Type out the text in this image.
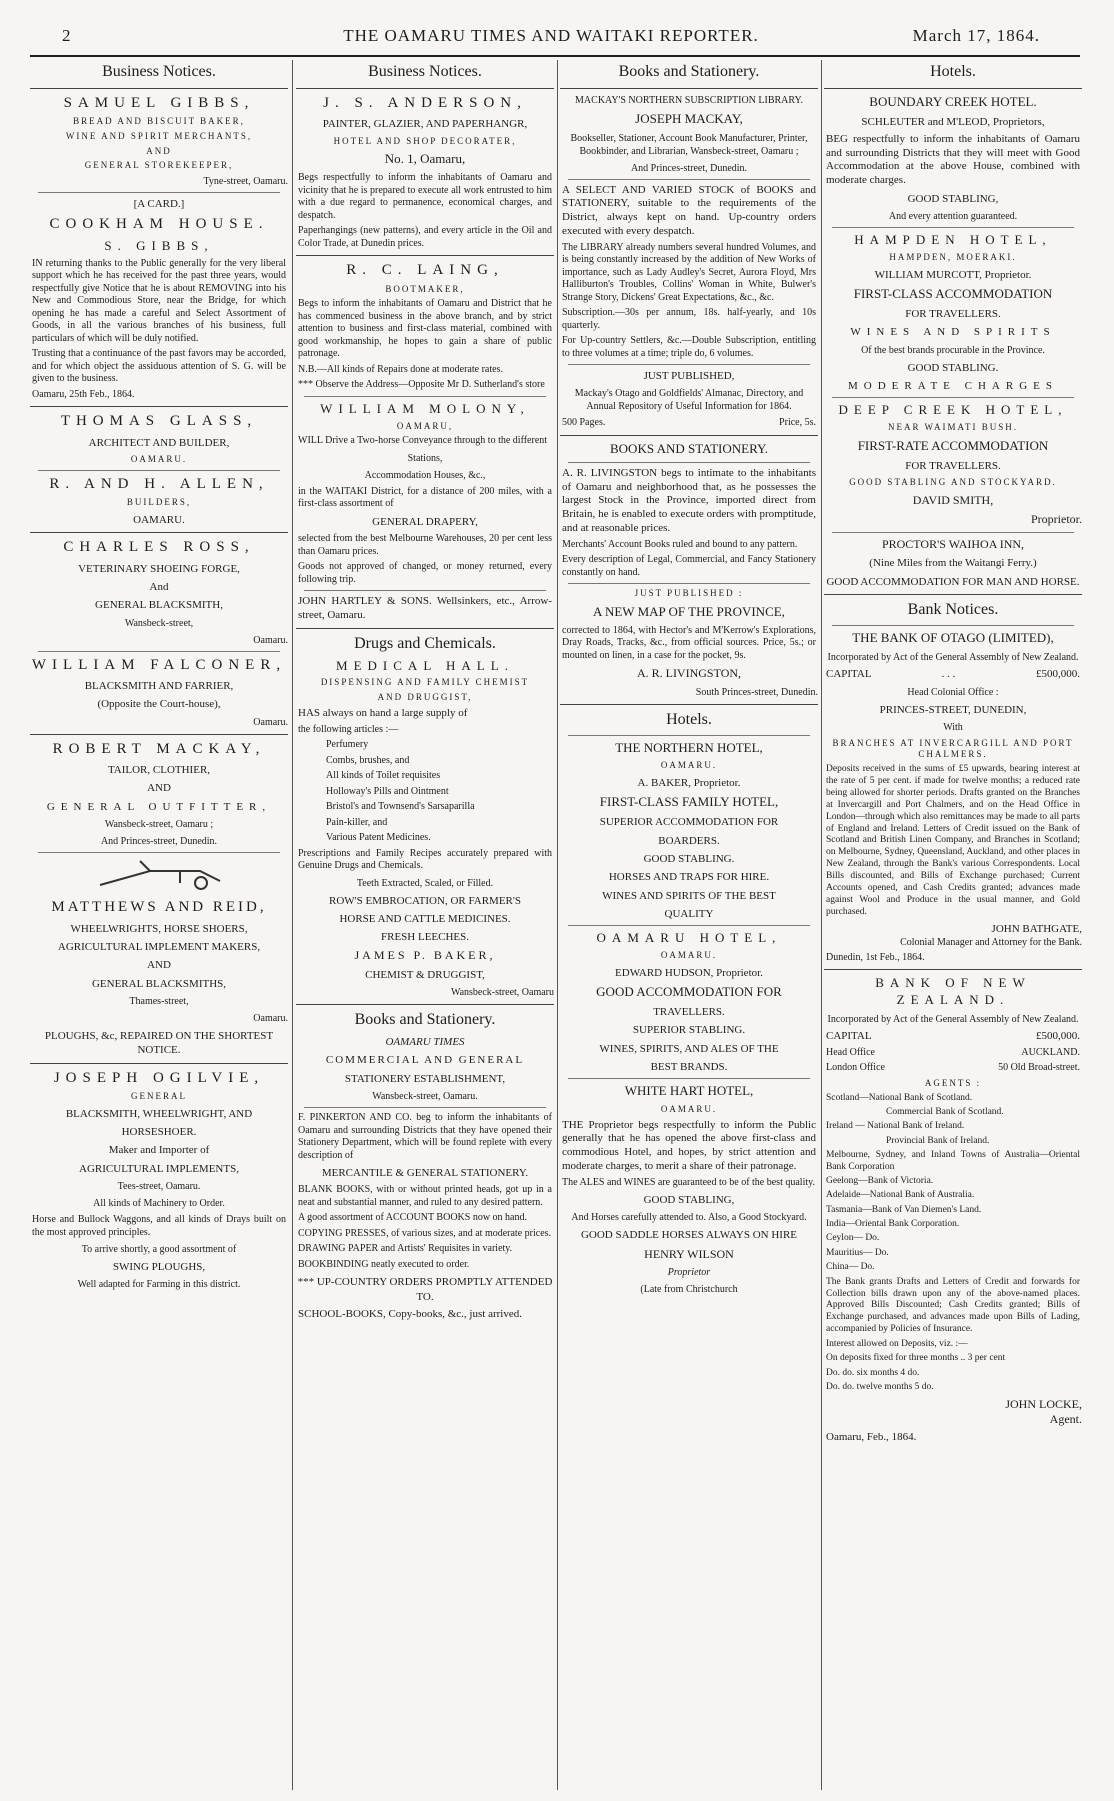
2	THE OAMARU TIMES AND WAITAKI REPORTER.	March 17, 1864.
Business Notices.
SAMUEL GIBBS,
BREAD AND BISCUIT BAKER,
WINE AND SPIRIT MERCHANTS,
AND
GENERAL STOREKEEPER,
Tyne-street, Oamaru.
[A CARD.]
COOKHAM HOUSE.
S. GIBBS,
IN returning thanks to the Public generally for the very liberal support which he has received for the past three years, would respectfully give Notice that he is about REMOVING into his New and Commodious Store, near the Bridge, for which opening he has made a careful and Select Assortment of Goods, in all the various branches of his business, full particulars of which will be duly notified.
Trusting that a continuance of the past favors may be accorded, and for which object the assiduous attention of S. G. will be given to the business.
Oamaru, 25th Feb., 1864.
THOMAS GLASS,
ARCHITECT AND BUILDER,
OAMARU.
R. AND H. ALLEN,
BUILDERS,
OAMARU.
CHARLES ROSS,
VETERINARY SHOEING FORGE,
And
GENERAL BLACKSMITH,
Wansbeck-street,
Oamaru.
WILLIAM FALCONER,
BLACKSMITH AND FARRIER,
(Opposite the Court-house),
Oamaru.
ROBERT MACKAY,
TAILOR, CLOTHIER,
AND
GENERAL OUTFITTER,
Wansbeck-street, Oamaru ;
And Princes-street, Dunedin.
MATTHEWS AND REID,
WHEELWRIGHTS, HORSE SHOERS,
AGRICULTURAL IMPLEMENT MAKERS,
AND
GENERAL BLACKSMITHS,
Thames-street,
Oamaru.
PLOUGHS, &c, REPAIRED ON THE SHORTEST NOTICE.
JOSEPH OGILVIE,
GENERAL
BLACKSMITH, WHEELWRIGHT, AND
HORSESHOER.
Maker and Importer of
AGRICULTURAL IMPLEMENTS,
Tees-street, Oamaru.
All kinds of Machinery to Order.
Horse and Bullock Waggons, and all kinds of Drays built on the most approved principles.
To arrive shortly, a good assortment of
SWING PLOUGHS,
Well adapted for Farming in this district.
Business Notices.
J. S. ANDERSON,
PAINTER, GLAZIER, AND PAPERHANGR,
HOTEL AND SHOP DECORATER,
No. 1, Oamaru,
Begs respectfully to inform the inhabitants of Oamaru and vicinity that he is prepared to execute all work entrusted to him with a due regard to permanence, economical charges, and despatch.
Paperhangings (new patterns), and every article in the Oil and Color Trade, at Dunedin prices.
R. C. LAING,
BOOTMAKER,
Begs to inform the inhabitants of Oamaru and District that he has commenced business in the above branch, and by strict attention to business and first-class material, combined with good workmanship, he hopes to gain a share of public patronage.
N.B.—All kinds of Repairs done at moderate rates.
*** Observe the Address—Opposite Mr D. Sutherland's store
WILLIAM MOLONY,
OAMARU,
WILL Drive a Two-horse Conveyance through to the different
Stations,
Accommodation Houses, &c.,
in the WAITAKI District, for a distance of 200 miles, with a first-class assortment of
GENERAL DRAPERY,
selected from the best Melbourne Warehouses, 20 per cent less than Oamaru prices.
Goods not approved of changed, or money returned, every following trip.
JOHN HARTLEY & SONS. Wellsinkers, etc., Arrow-street, Oamaru.
Drugs and Chemicals.
MEDICAL HALL.
DISPENSING AND FAMILY CHEMIST
AND DRUGGIST,
HAS always on hand a large supply of
the following articles :—
Perfumery
Combs, brushes, and
All kinds of Toilet requisites
Holloway's Pills and Ointment
Bristol's and Townsend's Sarsaparilla
Pain-killer, and
Various Patent Medicines.
Prescriptions and Family Recipes accurately prepared with Genuine Drugs and Chemicals.
Teeth Extracted, Scaled, or Filled.
ROW'S EMBROCATION, OR FARMER'S
HORSE AND CATTLE MEDICINES.
FRESH LEECHES.
JAMES P. BAKER,
CHEMIST & DRUGGIST,
Wansbeck-street, Oamaru
Books and Stationery.
OAMARU TIMES
COMMERCIAL AND GENERAL
STATIONERY ESTABLISHMENT,
Wansbeck-street, Oamaru.
F. PINKERTON AND CO. beg to inform the inhabitants of Oamaru and surrounding Districts that they have opened their Stationery Department, which will be found replete with every description of
MERCANTILE & GENERAL STATIONERY.
BLANK BOOKS, with or without printed heads, got up in a neat and substantial manner, and ruled to any desired pattern.
A good assortment of ACCOUNT BOOKS now on hand.
COPYING PRESSES, of various sizes, and at moderate prices.
DRAWING PAPER and Artists' Requisites in variety.
BOOKBINDING neatly executed to order.
*** UP-COUNTRY ORDERS PROMPTLY ATTENDED TO.
SCHOOL-BOOKS, Copy-books, &c., just arrived.
Books and Stationery.
MACKAY'S NORTHERN SUBSCRIPTION LIBRARY.
JOSEPH MACKAY,
Bookseller, Stationer, Account Book Manufacturer, Printer, Bookbinder, and Librarian, Wansbeck-street, Oamaru ;
And Princes-street, Dunedin.
A SELECT AND VARIED STOCK of BOOKS and STATIONERY, suitable to the requirements of the District, always kept on hand. Up-country orders executed with every despatch.
The LIBRARY already numbers several hundred Volumes, and is being constantly increased by the addition of New Works of importance, such as Lady Audley's Secret, Aurora Floyd, Mrs Halliburton's Troubles, Collins' Woman in White, Bulwer's Strange Story, Dickens' Great Expectations, &c., &c.
Subscription.—30s per annum, 18s. half-yearly, and 10s quarterly.
For Up-country Settlers, &c.—Double Subscription, entitling to three volumes at a time; triple do, 6 volumes.
JUST PUBLISHED,
Mackay's Otago and Goldfields' Almanac, Directory, and Annual Repository of Useful Information for 1864.
500 Pages.	Price, 5s.
BOOKS AND STATIONERY.
A. R. LIVINGSTON begs to intimate to the inhabitants of Oamaru and neighborhood that, as he possesses the largest Stock in the Province, imported direct from Britain, he is enabled to execute orders with promptitude, and at reasonable prices.
Merchants' Account Books ruled and bound to any pattern.
Every description of Legal, Commercial, and Fancy Stationery constantly on hand.
JUST PUBLISHED :
A NEW MAP OF THE PROVINCE,
corrected to 1864, with Hector's and M'Kerrow's Explorations, Dray Roads, Tracks, &c., from official sources. Price, 5s.; or mounted on linen, in a case for the pocket, 9s.
A. R. LIVINGSTON,
South Princes-street, Dunedin.
Hotels.
THE NORTHERN HOTEL,
OAMARU.
A. BAKER, Proprietor.
FIRST-CLASS FAMILY HOTEL,
SUPERIOR ACCOMMODATION FOR
BOARDERS.
GOOD STABLING.
HORSES AND TRAPS FOR HIRE.
WINES AND SPIRITS OF THE BEST
QUALITY
OAMARU HOTEL,
OAMARU.
EDWARD HUDSON, Proprietor.
GOOD ACCOMMODATION FOR
TRAVELLERS.
SUPERIOR STABLING.
WINES, SPIRITS, AND ALES OF THE
BEST BRANDS.
WHITE HART HOTEL,
OAMARU.
THE Proprietor begs respectfully to inform the Public generally that he has opened the above first-class and commodious Hotel, and hopes, by strict attention and moderate charges, to merit a share of their patronage.
The ALES and WINES are guaranteed to be of the best quality.
GOOD STABLING,
And Horses carefully attended to. Also, a Good Stockyard.
GOOD SADDLE HORSES ALWAYS ON HIRE
HENRY WILSON
Proprietor
(Late from Christchurch
Hotels.
BOUNDARY CREEK HOTEL.
SCHLEUTER and M'LEOD, Proprietors,
BEG respectfully to inform the inhabitants of Oamaru and surrounding Districts that they will meet with Good Accommodation at the above House, combined with moderate charges.
GOOD STABLING,
And every attention guaranteed.
HAMPDEN HOTEL,
HAMPDEN, MOERAKI.
WILLIAM MURCOTT, Proprietor.
FIRST-CLASS ACCOMMODATION
FOR TRAVELLERS.
WINES AND SPIRITS
Of the best brands procurable in the Province.
GOOD STABLING.
MODERATE CHARGES
DEEP CREEK HOTEL,
NEAR WAIMATI BUSH.
FIRST-RATE ACCOMMODATION
FOR TRAVELLERS.
GOOD STABLING AND STOCKYARD.
DAVID SMITH,
Proprietor.
PROCTOR'S WAIHOA INN,
(Nine Miles from the Waitangi Ferry.)
GOOD ACCOMMODATION FOR MAN AND HORSE.
Bank Notices.
THE BANK OF OTAGO (LIMITED),
Incorporated by Act of the General Assembly of New Zealand.
CAPITAL	. . .	£500,000.
Head Colonial Office :
PRINCES-STREET, DUNEDIN,
With
BRANCHES AT INVERCARGILL AND PORT CHALMERS.
Deposits received in the sums of £5 upwards, bearing interest at the rate of 5 per cent. if made for twelve months; a reduced rate being allowed for shorter periods. Drafts granted on the Branches at Invercargill and Port Chalmers, and on the Head Office in London—through which also remittances may be made to all parts of England and Ireland. Letters of Credit issued on the Bank of Scotland and British Linen Company, and Branches in Scotland; on Melbourne, Sydney, Queensland, Auckland, and other places in New Zealand, through the Bank's various Correspondents. Local Bills discounted, and Bills of Exchange purchased; Current Accounts opened, and Cash Credits granted; advances made against Wool and Produce in the usual manner, and Gold purchased.
JOHN BATHGATE,
Colonial Manager and Attorney for the Bank.
Dunedin, 1st Feb., 1864.
BANK OF NEW ZEALAND.
Incorporated by Act of the General Assembly of New Zealand.
CAPITAL	£500,000.
Head Office	AUCKLAND.
London Office	50 Old Broad-street.
AGENTS :
Scotland—National Bank of Scotland.
Commercial Bank of Scotland.
Ireland — National Bank of Ireland.
Provincial Bank of Ireland.
Melbourne, Sydney, and Inland Towns of Australia—Oriental Bank Corporation
Geelong—Bank of Victoria.
Adelaide—National Bank of Australia.
Tasmania—Bank of Van Diemen's Land.
India—Oriental Bank Corporation.
Ceylon— Do.
Mauritius— Do.
China— Do.
The Bank grants Drafts and Letters of Credit and forwards for Collection bills drawn upon any of the above-named places. Approved Bills Discounted; Cash Credits granted; Bills of Exchange purchased, and advances made upon Bills of Lading, accompanied by Policies of Insurance.
Interest allowed on Deposits, viz. :—
On deposits fixed for three months .. 3 per cent
Do. do. six months 4 do.
Do. do. twelve months 5 do.
JOHN LOCKE,
Agent.
Oamaru, Feb., 1864.
